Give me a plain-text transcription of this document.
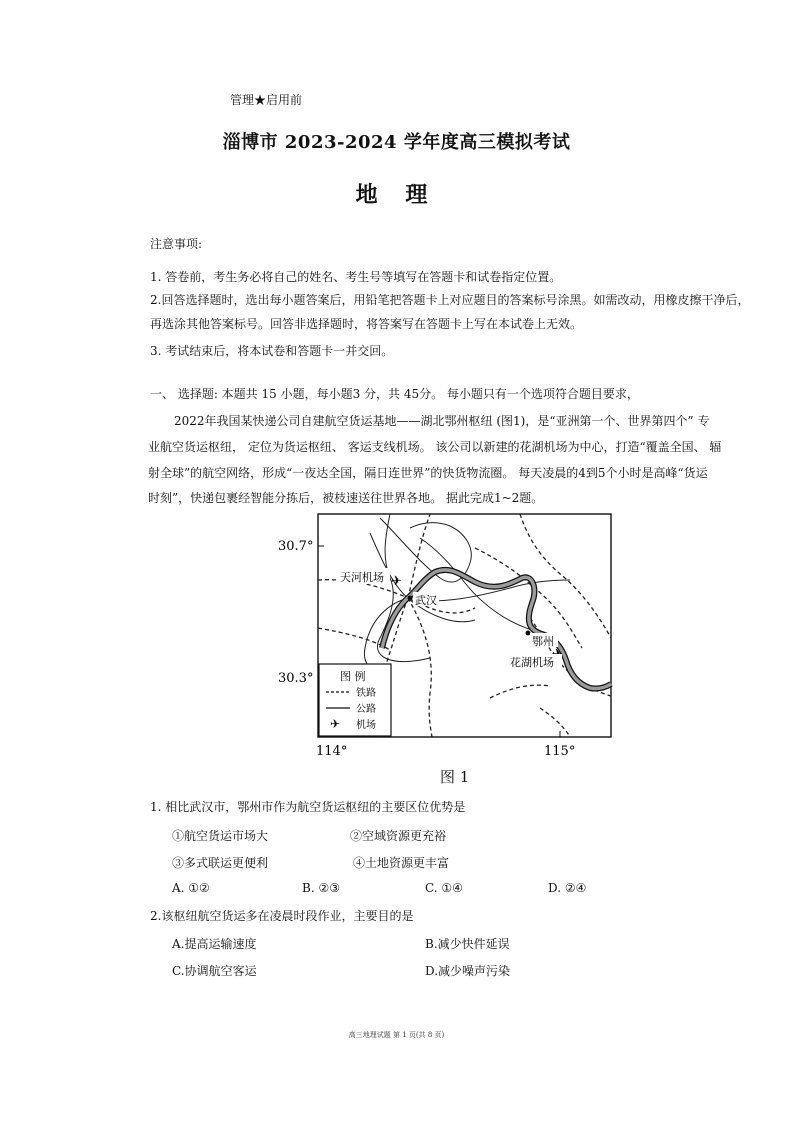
管理★启用前
淄博市 2023-2024 学年度高三模拟考试
地 理
注意事项:
1. 答卷前，考生务必将自己的姓名、考生号等填写在答题卡和试卷指定位置。
2.回答选择题时，选出每小题答案后，用铅笔把答题卡上对应题目的答案标号涂黑。如需改动，用橡皮擦干净后，
再选涂其他答案标号。回答非选择题时，将答案写在答题卡上写在本试卷上无效。
3. 考试结束后，将本试卷和答题卡一并交回。
一、 选择题: 本题共 15 小题，每小题3 分，共 45分。 每小题只有一个选项符合题目要求，
2022年我国某快递公司自建航空货运基地——湖北鄂州枢纽 (图1)，是“亚洲第一个、世界第四个” 专
业航空货运枢纽， 定位为货运枢纽、 客运支线机场。 该公司以新建的花湖机场为中心，打造“覆盖全国、 辐
射全球”的航空网络，形成“一夜达全国，隔日连世界”的快货物流圈。 每天凌晨的4到5个小时是高峰“货运
时刻”，快递包裹经智能分拣后，被枝速送往世界各地。 据此完成1~2题。
30.7°
30.3°
114°	115°
天河机场 ✈
武汉
鄂州
花湖机场
图 例
铁路
公路
✈ 机场
图 1
1. 相比武汉市，鄂州市作为航空货运枢纽的主要区位优势是
①航空货运市场大	②空域资源更充裕
③多式联运更便利	④土地资源更丰富
A. ①②	B. ②③	C. ①④	D. ②④
2.该枢纽航空货运多在凌晨时段作业，主要目的是
A.提高运输速度	B.减少快件延误
C.协调航空客运	D.减少噪声污染
高三地理试题 第 1 页(共 8 页)
